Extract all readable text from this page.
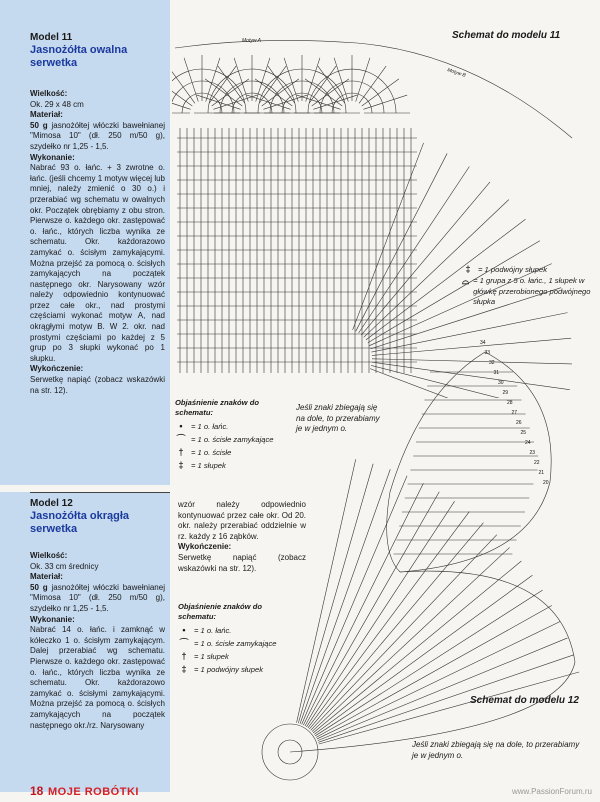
Model 11
Jasnożółta owalna serwetka
Wielkość:
Ok. 29 x 48 cm
Materiał:
50 g jasnożółtej włóczki bawełnianej "Mimosa 10" (dł. 250 m/50 g), szydełko nr 1,25 - 1,5.
Wykonanie:
Nabrać 93 o. łańc. + 3 zwrotne o. łańc. (jeśli chcemy 1 motyw więcej lub mniej, należy zmienić o 30 o.) i przerabiać wg schematu w owalnych okr. Początek obrębiamy z obu stron. Pierwsze o. każdego okr. zastępować o. łańc., których liczba wynika ze schematu. Okr. każdorazowo zamykać o. ścisłym zamykającymi. Można przejść za pomocą o. ścisłych zamykających na początek następnego okr. Narysowany wzór należy odpowiednio kontynuować przez całe okr., nad prostymi częściami wykonać motyw A, nad okrągłymi motyw B. W 2. okr. nad prostymi częściami po każdej z 5 grup po 3 słupki wykonać po 1 słupku.
Wykończenie:
Serwetkę napiąć (zobacz wskazówki na str. 12).
Model 12
Jasnożółta okrągła serwetka
Wielkość:
Ok. 33 cm średnicy
Materiał:
50 g jasnożółtej włóczki bawełnianej "Mimosa 10" (dł. 250 m/50 g), szydełko nr 1,25 - 1,5.
Wykonanie:
Nabrać 14 o. łańc. i zamknąć w kółeczko 1 o. ścisłym zamykającym. Dalej przerabiać wg schematu. Pierwsze o. każdego okr. zastępować o. łańc., których liczba wynika ze schematu. Okr. każdorazowo zamykać o. ścisłymi zamykającymi. Można przejść za pomocą o. ścisłych zamykających na początek następnego okr./rz. Narysowany
wzór należy odpowiednio kontynuować przez całe okr. Od 20. okr. należy przerabiać oddzielnie w rz. każdy z 16 ząbków.
Wykończenie:
Serwetkę napiąć (zobacz wskazówki na str. 12).
Objaśnienie znaków do schematu:
•	= 1 o. łańc.
⌒ = 1 o. ścisłe zamykające
† = 1 o. ścisłe
‡ = 1 słupek
Jeśli znaki zbiegają się na dole, to przerabiamy je w jednym o.
‡ = 1 podwójny słupek
⌓ = 1 grupa z 5 o. łańc., 1 słupek w główkę przerobionego podwójnego słupka
Objaśnienie znaków do schematu:
•	= 1 o. łańc.
⌒ = 1 o. ścisłe zamykające
† = 1 słupek
‡ = 1 podwójny słupek
Schemat do modelu 11
Schemat do modelu 12
Jeśli znaki zbiegają się na dole, to przerabiamy je w jednym o.
Motyw A
Motyw B
34
33
32
31
30
29
28
27
26
25
24
23
22
21
20
18 MOJE ROBÓTKI	www.PassionForum.ru
